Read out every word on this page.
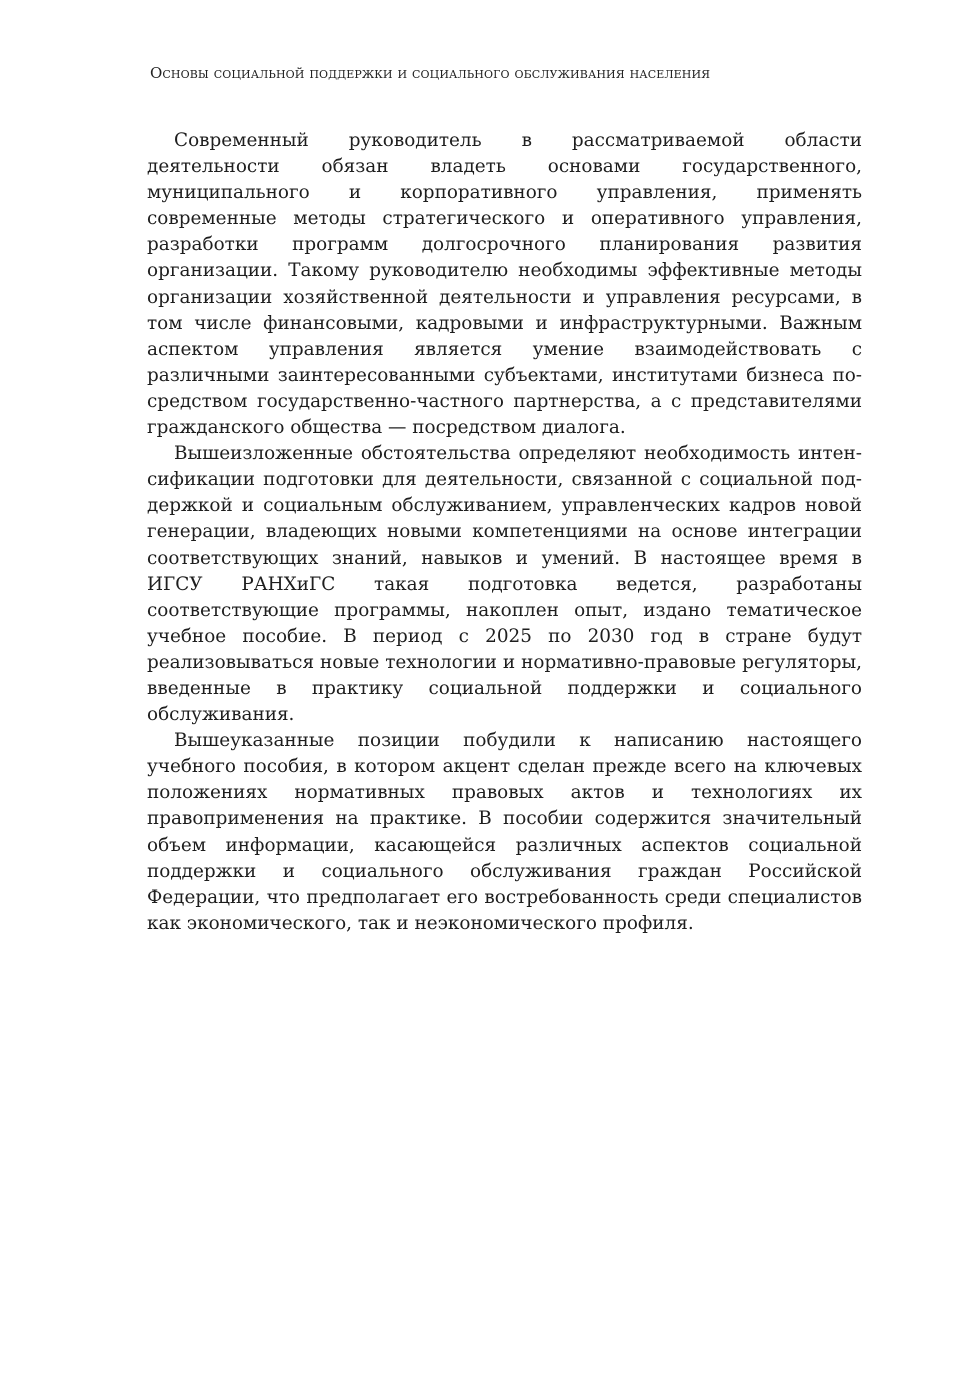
Основы социальной поддержки и социального обслуживания населения

Современный руководитель в рассматриваемой области деятельности обязан владеть основами государственного, муниципального и корпоративного управления, применять современные методы стратегического и оперативного управления, разработки программ долгосрочного планирования развития организации. Такому руководителю необходимы эффективные методы организации хозяйственной деятельности и управления ресурсами, в том числе финансовыми, кадровыми и инфраструктурными. Важным аспектом управления является умение взаимодействовать с различными заинтересованными субъектами, институтами бизнеса посредством государственно-частного партнерства, а с представителями гражданского общества — посредством диалога.

Вышеизложенные обстоятельства определяют необходимость интенсификации подготовки для деятельности, связанной с социальной поддержкой и социальным обслуживанием, управленческих кадров новой генерации, владеющих новыми компетенциями на основе интеграции соответствующих знаний, навыков и умений. В настоящее время в ИГСУ РАНХиГС такая подготовка ведется, разработаны соответствующие программы, накоплен опыт, издано тематическое учебное пособие. В период с 2025 по 2030 год в стране будут реализовываться новые технологии и нормативно-правовые регуляторы, введенные в практику социальной поддержки и социального обслуживания.

Вышеуказанные позиции побудили к написанию настоящего учебного пособия, в котором акцент сделан прежде всего на ключевых положениях нормативных правовых актов и технологиях их правоприменения на практике. В пособии содержится значительный объем информации, касающейся различных аспектов социальной поддержки и социального обслуживания граждан Российской Федерации, что предполагает его востребованность среди специалистов как экономического, так и неэкономического профиля.
